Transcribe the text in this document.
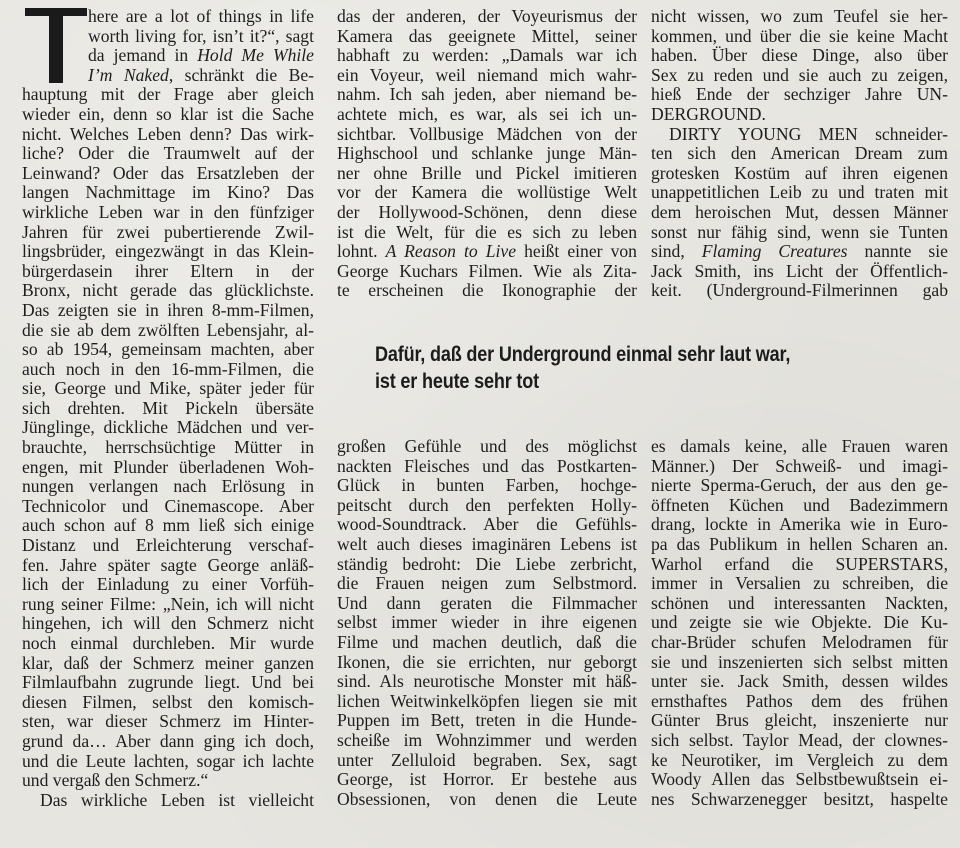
here are a lot of things in life
worth living for, isn’t it?“, sagt
da jemand in Hold Me While
I’m Naked, schränkt die Be-
hauptung mit der Frage aber gleich
wieder ein, denn so klar ist die Sache
nicht. Welches Leben denn? Das wirk-
liche? Oder die Traumwelt auf der
Leinwand? Oder das Ersatzleben der
langen Nachmittage im Kino? Das
wirkliche Leben war in den fünfziger
Jahren für zwei pubertierende Zwil-
lingsbrüder, eingezwängt in das Klein-
bürgerdasein ihrer Eltern in der
Bronx, nicht gerade das glücklichste.
Das zeigten sie in ihren 8-mm-Filmen,
die sie ab dem zwölften Lebensjahr, al-
so ab 1954, gemeinsam machten, aber
auch noch in den 16-mm-Filmen, die
sie, George und Mike, später jeder für
sich drehten. Mit Pickeln übersäte
Jünglinge, dickliche Mädchen und ver-
brauchte, herrschsüchtige Mütter in
engen, mit Plunder überladenen Woh-
nungen verlangen nach Erlösung in
Technicolor und Cinemascope. Aber
auch schon auf 8 mm ließ sich einige
Distanz und Erleichterung verschaf-
fen. Jahre später sagte George anläß-
lich der Einladung zu einer Vorfüh-
rung seiner Filme: „Nein, ich will nicht
hingehen, ich will den Schmerz nicht
noch einmal durchleben. Mir wurde
klar, daß der Schmerz meiner ganzen
Filmlaufbahn zugrunde liegt. Und bei
diesen Filmen, selbst den komisch-
sten, war dieser Schmerz im Hinter-
grund da… Aber dann ging ich doch,
und die Leute lachten, sogar ich lachte
und vergaß den Schmerz.“
Das wirkliche Leben ist vielleicht
das der anderen, der Voyeurismus der
Kamera das geeignete Mittel, seiner
habhaft zu werden: „Damals war ich
ein Voyeur, weil niemand mich wahr-
nahm. Ich sah jeden, aber niemand be-
achtete mich, es war, als sei ich un-
sichtbar. Vollbusige Mädchen von der
Highschool und schlanke junge Män-
ner ohne Brille und Pickel imitieren
vor der Kamera die wollüstige Welt
der Hollywood-Schönen, denn diese
ist die Welt, für die es sich zu leben
lohnt. A Reason to Live heißt einer von
George Kuchars Filmen. Wie als Zita-
te erscheinen die Ikonographie der
Dafür, daß der Underground einmal sehr laut war,
ist er heute sehr tot
großen Gefühle und des möglichst
nackten Fleisches und das Postkarten-
Glück in bunten Farben, hochge-
peitscht durch den perfekten Holly-
wood-Soundtrack. Aber die Gefühls-
welt auch dieses imaginären Lebens ist
ständig bedroht: Die Liebe zerbricht,
die Frauen neigen zum Selbstmord.
Und dann geraten die Filmmacher
selbst immer wieder in ihre eigenen
Filme und machen deutlich, daß die
Ikonen, die sie errichten, nur geborgt
sind. Als neurotische Monster mit häß-
lichen Weitwinkelköpfen liegen sie mit
Puppen im Bett, treten in die Hunde-
scheiße im Wohnzimmer und werden
unter Zelluloid begraben. Sex, sagt
George, ist Horror. Er bestehe aus
Obsessionen, von denen die Leute
nicht wissen, wo zum Teufel sie her-
kommen, und über die sie keine Macht
haben. Über diese Dinge, also über
Sex zu reden und sie auch zu zeigen,
hieß Ende der sechziger Jahre UN-
DERGROUND.
DIRTY YOUNG MEN schneider-
ten sich den American Dream zum
grotesken Kostüm auf ihren eigenen
unappetitlichen Leib zu und traten mit
dem heroischen Mut, dessen Männer
sonst nur fähig sind, wenn sie Tunten
sind, Flaming Creatures nannte sie
Jack Smith, ins Licht der Öffentlich-
keit. (Underground-Filmerinnen gab
es damals keine, alle Frauen waren
Männer.) Der Schweiß- und imagi-
nierte Sperma-Geruch, der aus den ge-
öffneten Küchen und Badezimmern
drang, lockte in Amerika wie in Euro-
pa das Publikum in hellen Scharen an.
Warhol erfand die SUPERSTARS,
immer in Versalien zu schreiben, die
schönen und interessanten Nackten,
und zeigte sie wie Objekte. Die Ku-
char-Brüder schufen Melodramen für
sie und inszenierten sich selbst mitten
unter sie. Jack Smith, dessen wildes
ernsthaftes Pathos dem des frühen
Günter Brus gleicht, inszenierte nur
sich selbst. Taylor Mead, der clownes-
ke Neurotiker, im Vergleich zu dem
Woody Allen das Selbstbewußtsein ei-
nes Schwarzenegger besitzt, haspelte
